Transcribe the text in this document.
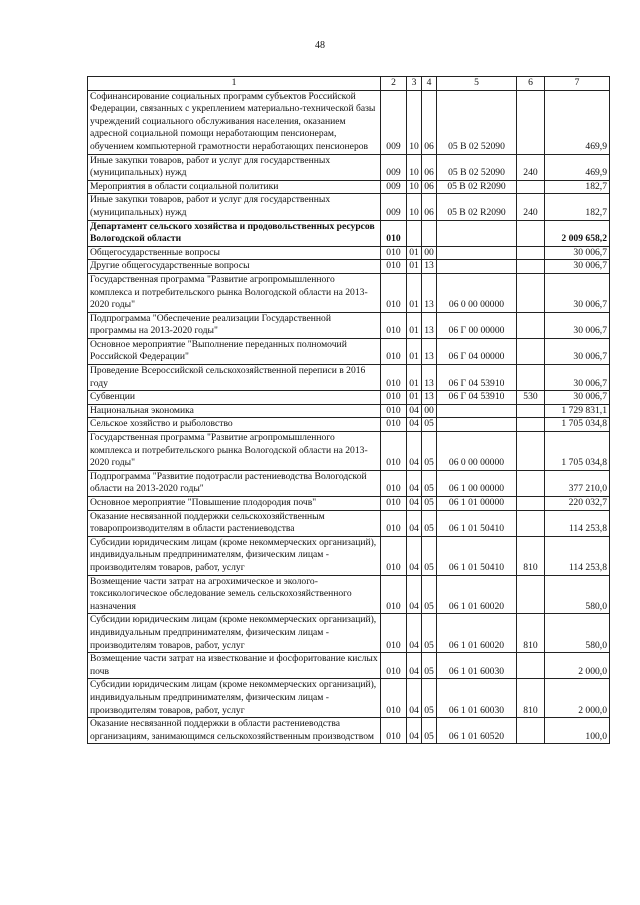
48
1	2	3	4	5	6	7
Софинансирование социальных программ субъектов Российской Федерации, связанных с укреплением материально-технической базы учреждений социального обслуживания населения, оказанием адресной социальной помощи неработающим пенсионерам, обучением компьютерной грамотности неработающих пенсионеров	009	10	06	05 В 02 52090		469,9
Иные закупки товаров, работ и услуг для государственных (муниципальных) нужд	009	10	06	05 В 02 52090	240	469,9
Мероприятия в области социальной политики	009	10	06	05 В 02 R2090		182,7
Иные закупки товаров, работ и услуг для государственных (муниципальных) нужд	009	10	06	05 В 02 R2090	240	182,7
Департамент сельского хозяйства и продовольственных ресурсов Вологодской области	010					2 009 658,2
Общегосударственные вопросы	010	01	00			30 006,7
Другие общегосударственные вопросы	010	01	13			30 006,7
Государственная программа "Развитие агропромышленного комплекса и потребительского рынка Вологодской области на 2013-2020 годы"	010	01	13	06 0 00 00000		30 006,7
Подпрограмма "Обеспечение реализации Государственной программы на 2013-2020 годы"	010	01	13	06 Г 00 00000		30 006,7
Основное мероприятие "Выполнение переданных полномочий Российской Федерации"	010	01	13	06 Г 04 00000		30 006,7
Проведение Всероссийской сельскохозяйственной переписи в 2016 году	010	01	13	06 Г 04 53910		30 006,7
Субвенции	010	01	13	06 Г 04 53910	530	30 006,7
Национальная экономика	010	04	00			1 729 831,1
Сельское хозяйство и рыболовство	010	04	05			1 705 034,8
Государственная программа "Развитие агропромышленного комплекса и потребительского рынка Вологодской области на 2013-2020 годы"	010	04	05	06 0 00 00000		1 705 034,8
Подпрограмма "Развитие подотрасли растениеводства Вологодской области на 2013-2020 годы"	010	04	05	06 1 00 00000		377 210,0
Основное мероприятие "Повышение плодородия почв"	010	04	05	06 1 01 00000		220 032,7
Оказание несвязанной поддержки сельскохозяйственным товаропроизводителям в области растениеводства	010	04	05	06 1 01 50410		114 253,8
Субсидии юридическим лицам (кроме некоммерческих организаций), индивидуальным предпринимателям, физическим лицам - производителям товаров, работ, услуг	010	04	05	06 1 01 50410	810	114 253,8
Возмещение части затрат на агрохимическое и эколого-токсикологическое обследование земель сельскохозяйственного назначения	010	04	05	06 1 01 60020		580,0
Субсидии юридическим лицам (кроме некоммерческих организаций), индивидуальным предпринимателям, физическим лицам - производителям товаров, работ, услуг	010	04	05	06 1 01 60020	810	580,0
Возмещение части затрат на известкование и фосфоритование кислых почв	010	04	05	06 1 01 60030		2 000,0
Субсидии юридическим лицам (кроме некоммерческих организаций), индивидуальным предпринимателям, физическим лицам - производителям товаров, работ, услуг	010	04	05	06 1 01 60030	810	2 000,0
Оказание несвязанной поддержки в области растениеводства организациям, занимающимся сельскохозяйственным производством	010	04	05	06 1 01 60520		100,0
